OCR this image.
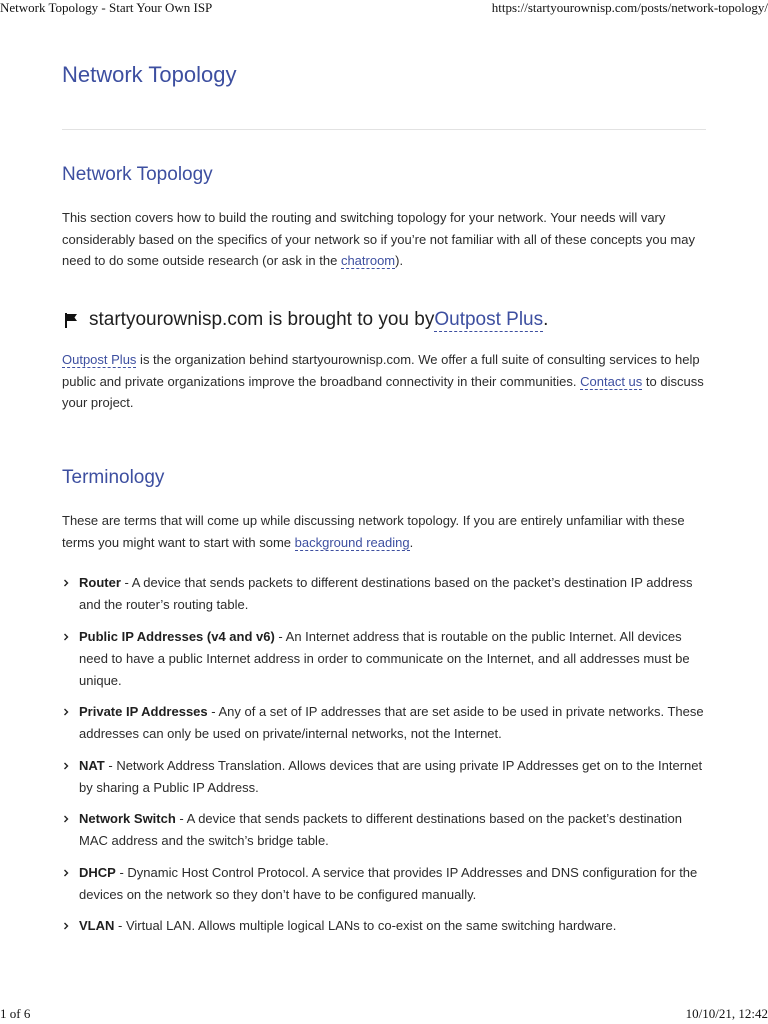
Network Topology - Start Your Own ISP	https://startyourownisp.com/posts/network-topology/
Network Topology
Network Topology

This section covers how to build the routing and switching topology for your network. Your needs will vary considerably based on the specifics of your network so if you’re not familiar with all of these concepts you may need to do some outside research (or ask in the chatroom).

startyourownisp.com is brought to you by Outpost Plus .

Outpost Plus is the organization behind startyourownisp.com. We offer a full suite of consulting services to help public and private organizations improve the broadband connectivity in their communities. Contact us to discuss your project.

Terminology

These are terms that will come up while discussing network topology. If you are entirely unfamiliar with these terms you might want to start with some background reading.

Router - A device that sends packets to different destinations based on the packet’s destination IP address and the router’s routing table.
Public IP Addresses (v4 and v6) - An Internet address that is routable on the public Internet. All devices need to have a public Internet address in order to communicate on the Internet, and all addresses must be unique.
Private IP Addresses - Any of a set of IP addresses that are set aside to be used in private networks. These addresses can only be used on private/internal networks, not the Internet.
NAT - Network Address Translation. Allows devices that are using private IP Addresses get on to the Internet by sharing a Public IP Address.
Network Switch - A device that sends packets to different destinations based on the packet’s destination MAC address and the switch’s bridge table.
DHCP - Dynamic Host Control Protocol. A service that provides IP Addresses and DNS configuration for the devices on the network so they don’t have to be configured manually.
VLAN - Virtual LAN. Allows multiple logical LANs to co-exist on the same switching hardware.
1 of 6	10/10/21, 12:42
